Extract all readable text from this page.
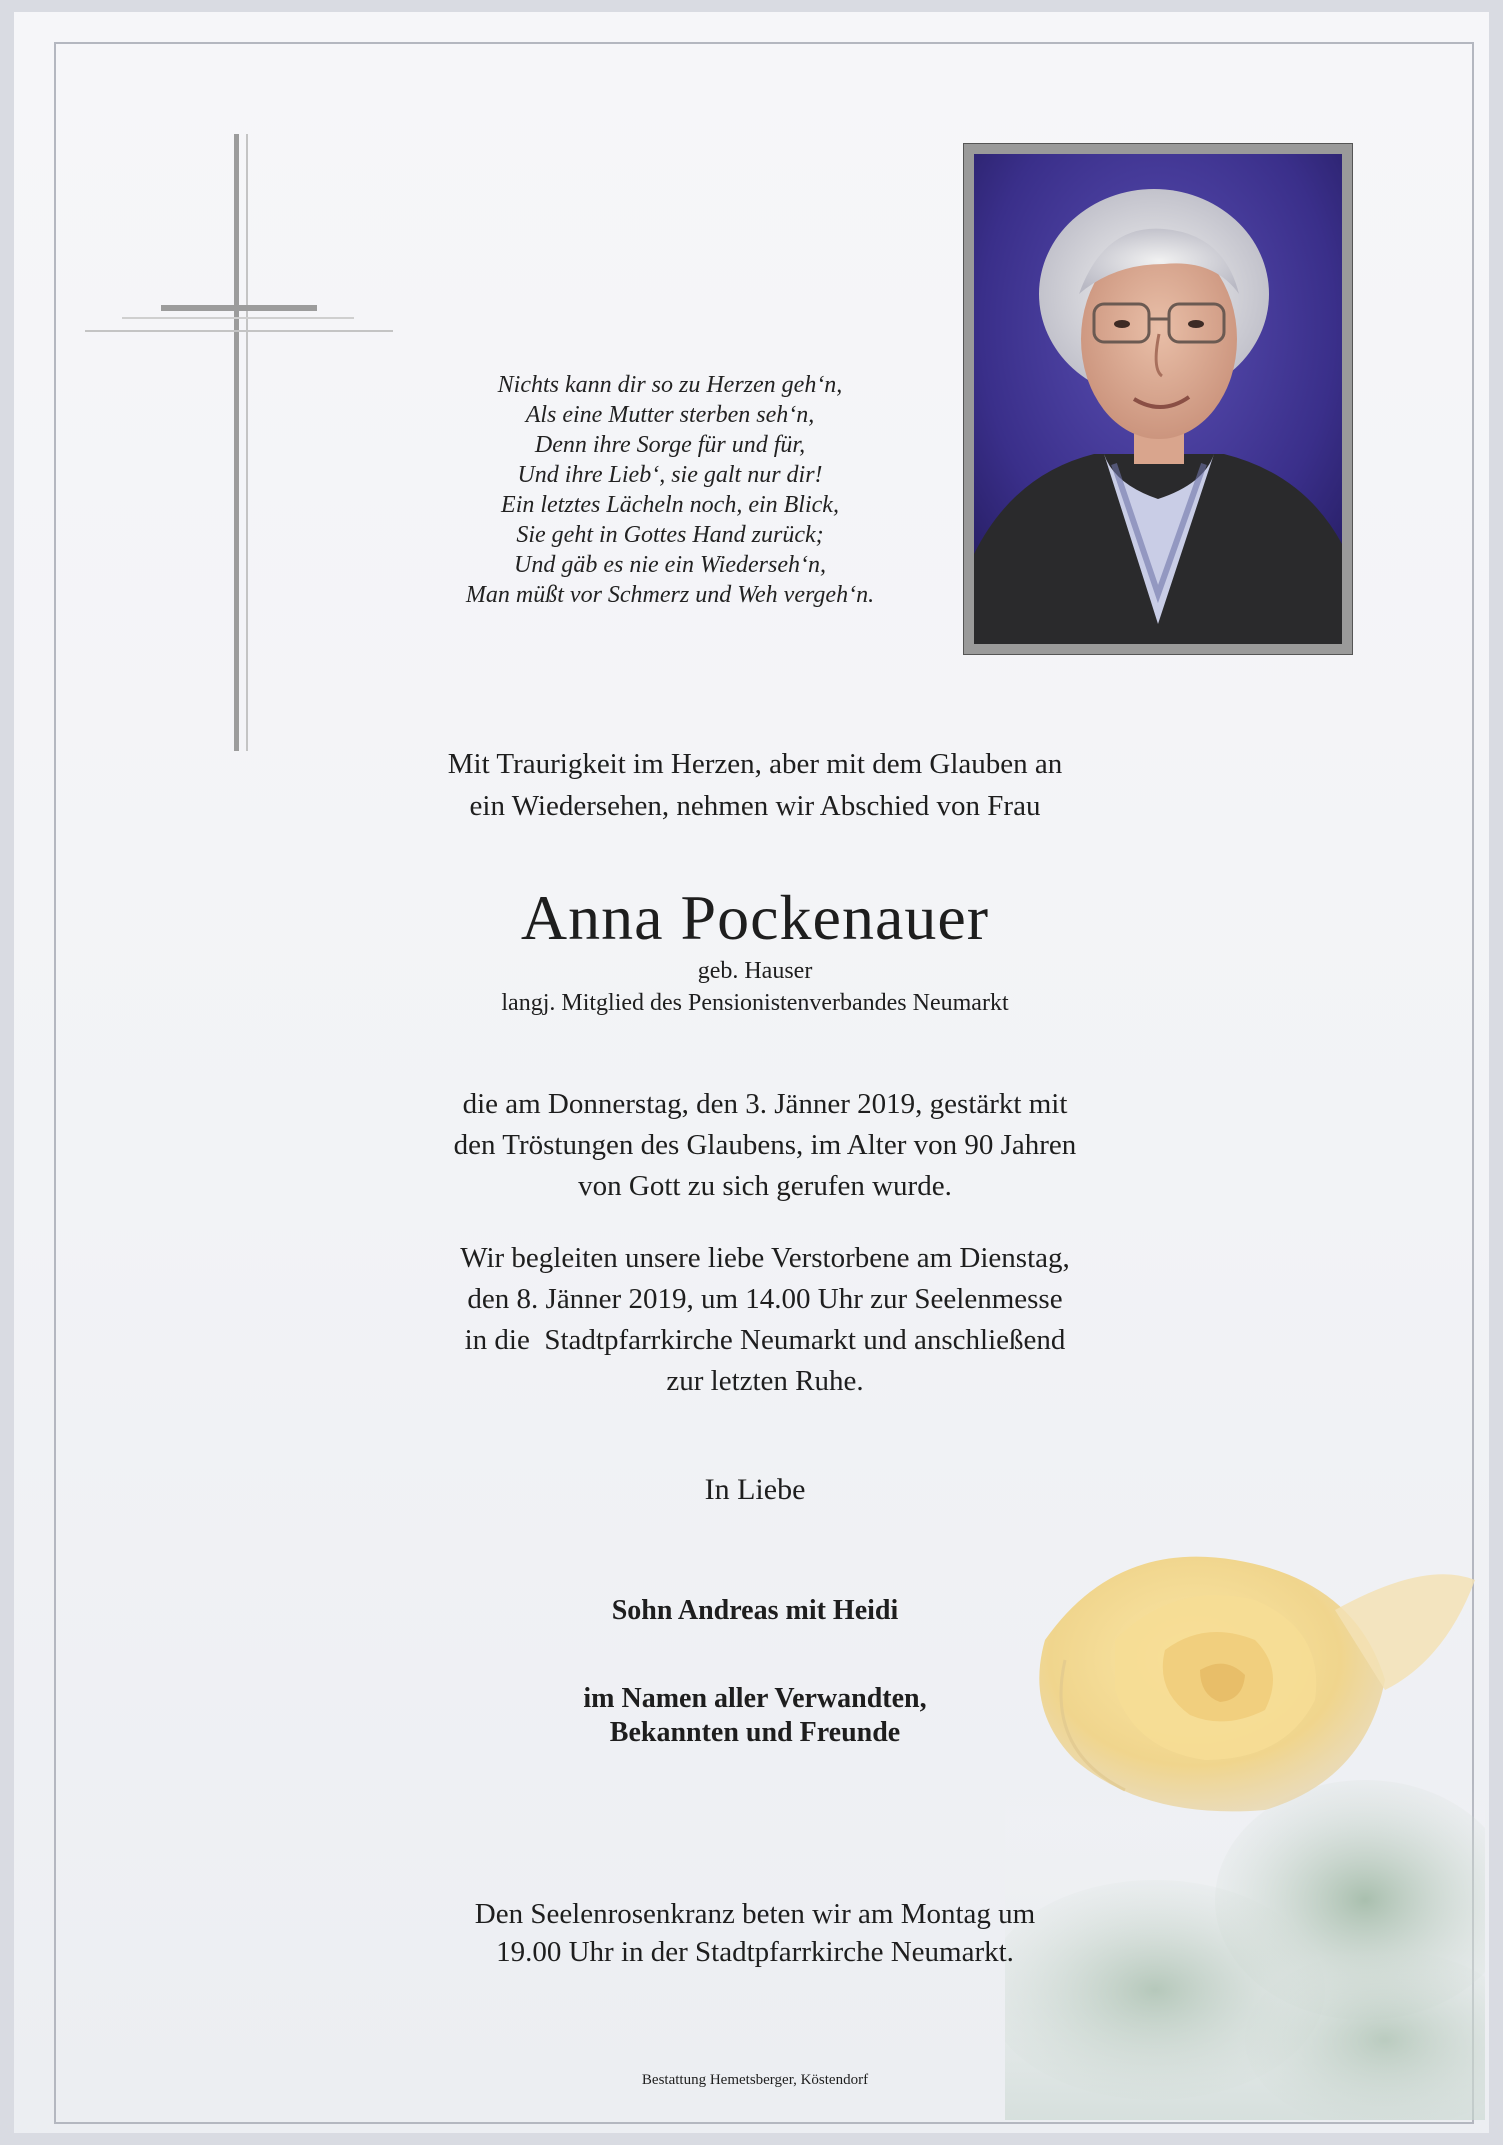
Nichts kann dir so zu Herzen geh‘n,
Als eine Mutter sterben seh‘n,
Denn ihre Sorge für und für,
Und ihre Lieb‘, sie galt nur dir!
Ein letztes Lächeln noch, ein Blick,
Sie geht in Gottes Hand zurück;
Und gäb es nie ein Wiederseh‘n,
Man müßt vor Schmerz und Weh vergeh‘n.
Mit Traurigkeit im Herzen, aber mit dem Glauben an
ein Wiedersehen, nehmen wir Abschied von Frau
Anna Pockenauer
geb. Hauser
langj. Mitglied des Pensionistenverbandes Neumarkt
die am Donnerstag, den 3. Jänner 2019, gestärkt mit
den Tröstungen des Glaubens, im Alter von 90 Jahren
von Gott zu sich gerufen wurde.
Wir begleiten unsere liebe Verstorbene am Dienstag,
den 8. Jänner 2019, um 14.00 Uhr zur Seelenmesse
in die  Stadtpfarrkirche Neumarkt und anschließend
zur letzten Ruhe.
In Liebe
Sohn Andreas mit Heidi
im Namen aller Verwandten,
Bekannten und Freunde
Den Seelenrosenkranz beten wir am Montag um
19.00 Uhr in der Stadtpfarrkirche Neumarkt.
Bestattung Hemetsberger, Köstendorf
